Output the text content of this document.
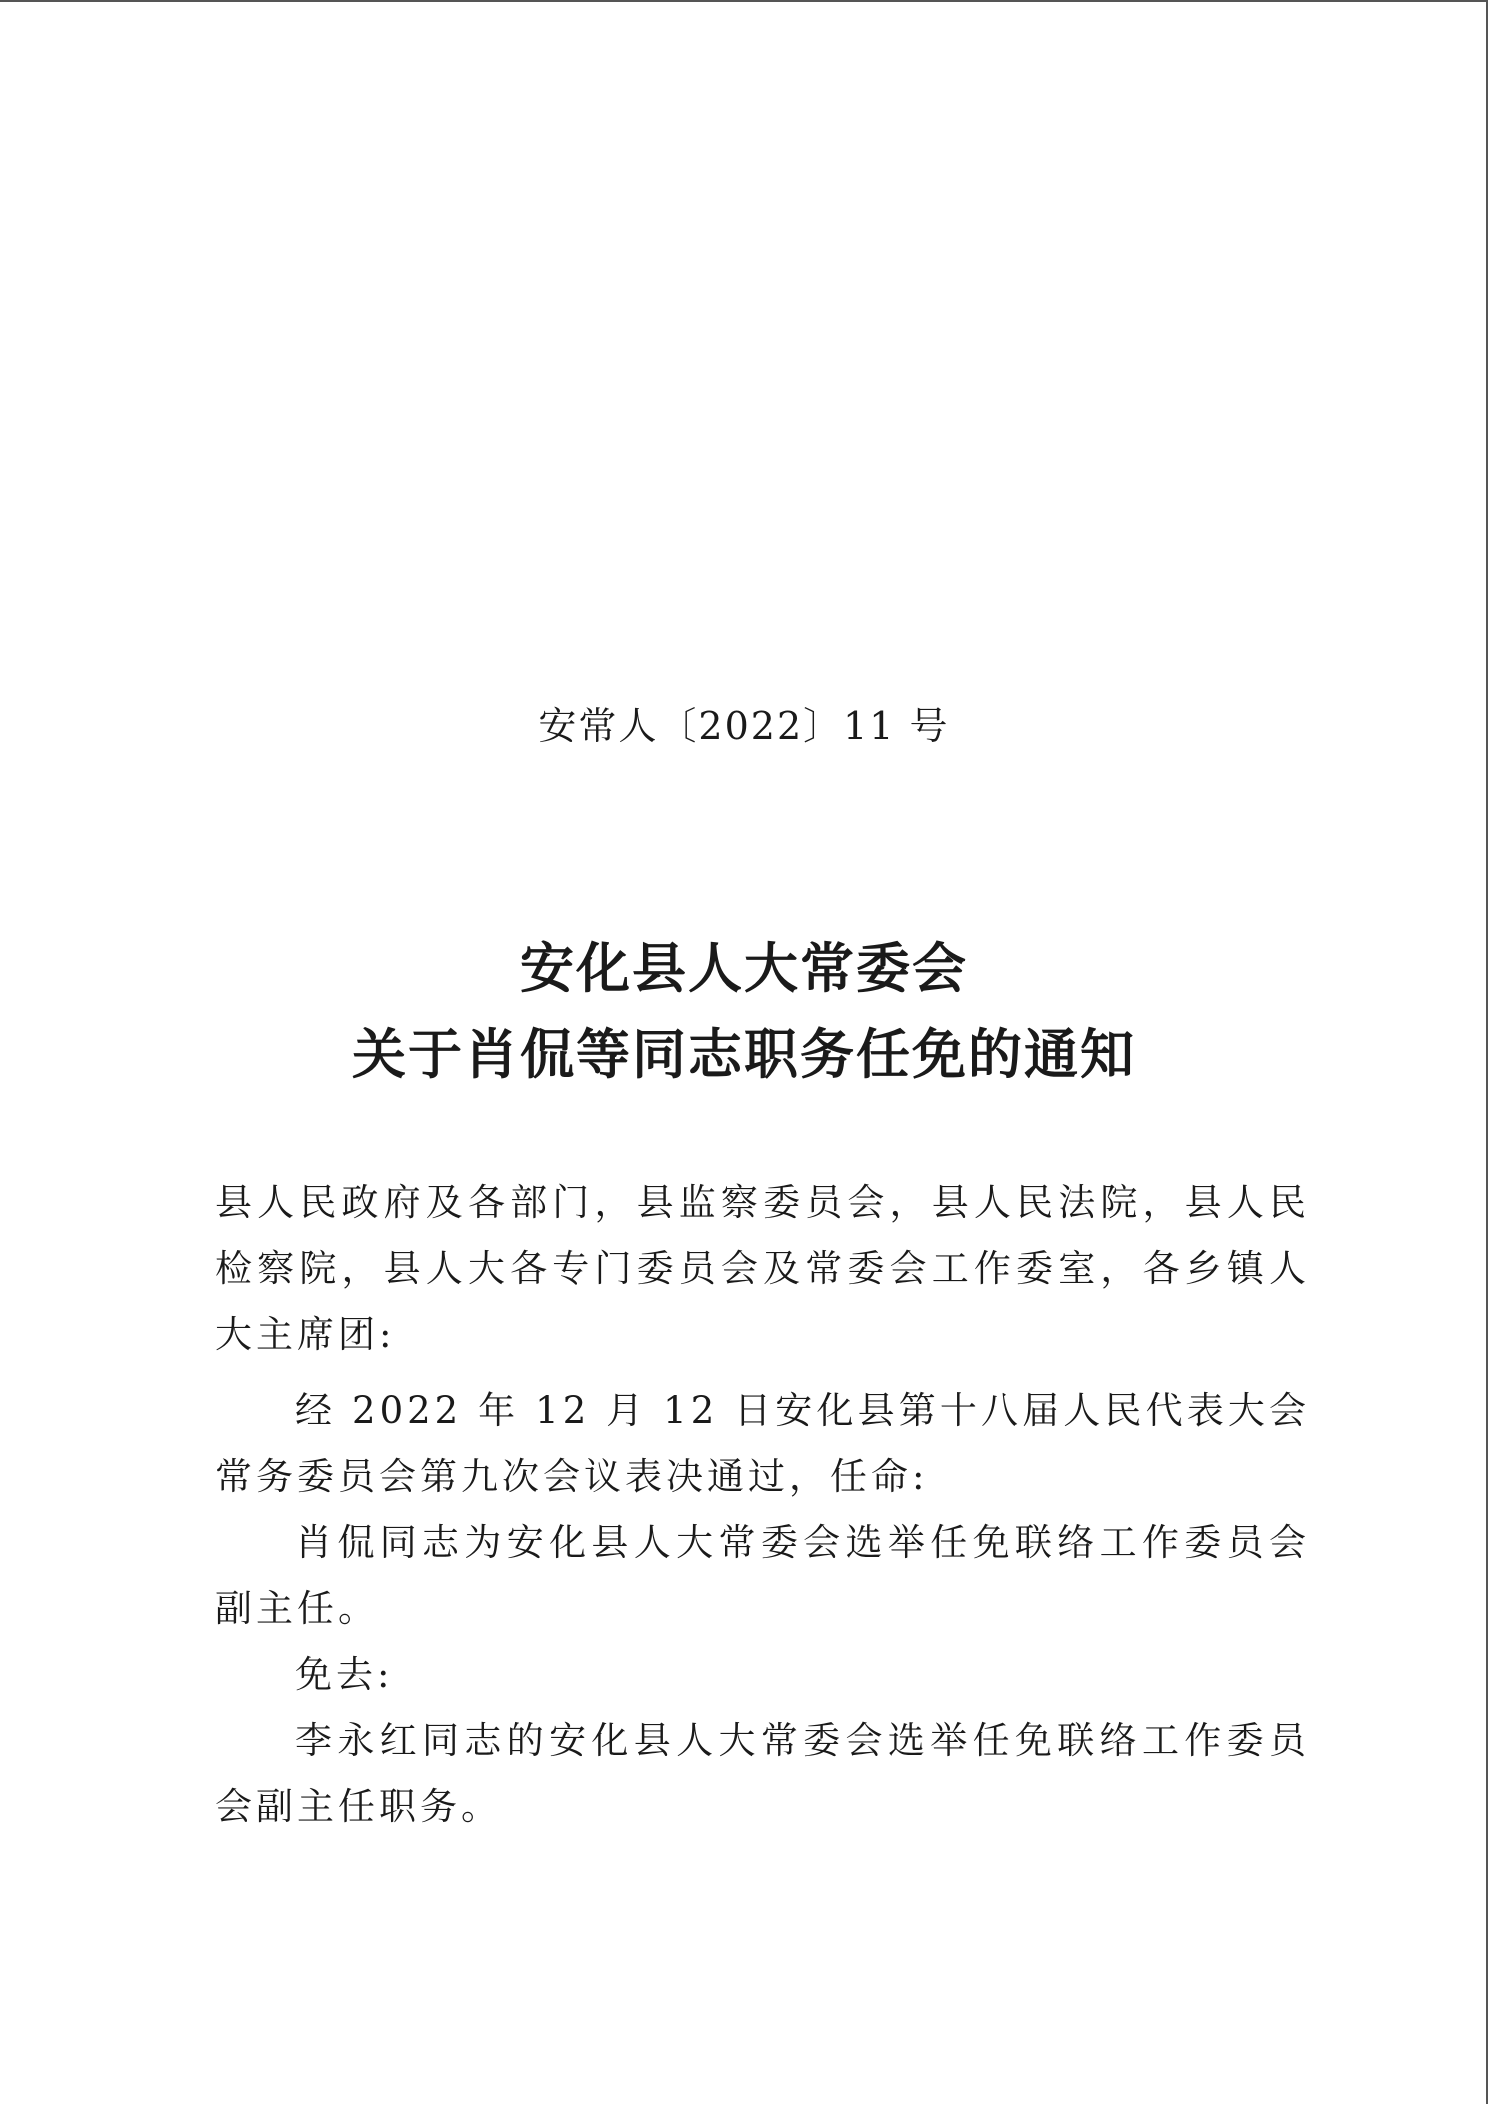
安常人〔2022〕11 号
安化县人大常委会
关于肖侃等同志职务任免的通知

县人民政府及各部门，县监察委员会，县人民法院，县人民检察院，县人大各专门委员会及常委会工作委室，各乡镇人大主席团:

经 2022 年 12 月 12 日安化县第十八届人民代表大会常务委员会第九次会议表决通过，任命:

肖侃同志为安化县人大常委会选举任免联络工作委员会副主任。

免去:

李永红同志的安化县人大常委会选举任免联络工作委员会副主任职务。
